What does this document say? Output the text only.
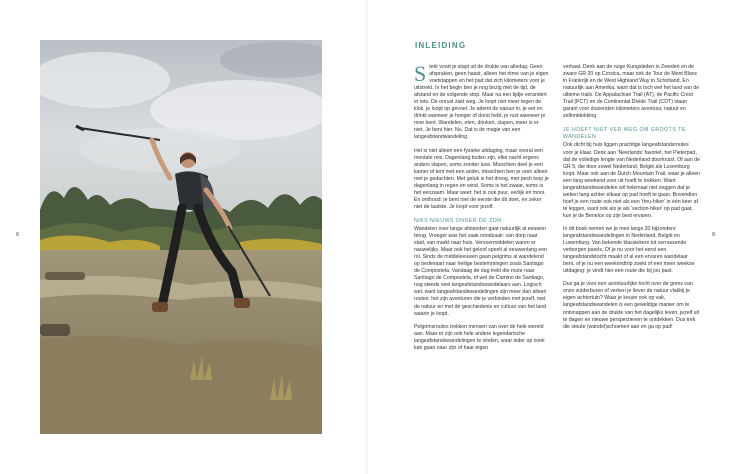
6	8
INLEIDING

Sterk voort je stapt uit de drukte van alledag. Geen afspraken, geen haast, alleen het ritme van je eigen voetstappen en het pad dat zich kilometers voor je uitstrekt. In het begin ben je nog bezig met de tijd, de afstand en de volgende stop. Maar na een tijdje verandert er iets. De onrust zakt weg. Je loopt niet meer tegen de klok, je loopt op gevoel. Je ademt de natuur in, je eet en drinkt wanneer je honger of dorst hebt, je rust wanneer je moe bent. Wandelen, eten, drinken, slapen, meer is er niet. Je bent hier. Nu. Dat is de magie van een langeafstandwandeling.

Het is niet alleen een fysieke uitdaging, maar vooral een mentale reis. Dagenlang buiten zijn, elke nacht ergens anders slapen, soms zonder luxe. Misschien deel je een kamer of tent met een ander, misschien ben je uren alleen met je gedachten. Met geluk is het droog, met pech loop je dagenlang in regen en wind. Soms is het zwaar, soms is het eenzaam. Maar weet: het is ook puur, eerlijk en mooi. En onthoud: je bent niet de eerste die dit doet, en zeker niet de laatste. Je loopt voor jezelf.

NIKS NIEUWS ONDER DE ZON

Wandelen over lange afstanden gaat natuurlijk al eeuwen terug. Vroeger was het vaak noodzaak: van dorp naar stad, van markt naar huis. Vervoermiddelen waren er nauwelijks. Maar ook het geloof speelt al eeuwenlang een rol. Sinds de middeleeuwen gaan pelgrims al wandelend op bedevaart naar heilige bestemmingen zoals Santiago de Compostela. Vandaag de dag trekt die route naar Santiago de Compostela, of wel de Camino de Santiago, nog steeds veel langeafstandswandelaars aan. Logisch wel, want langeafstandswandelingen zijn meer dan alleen routes: het zijn avonturen die je verbinden met jezelf, met de natuur en met de geschiedenis en cultuur van het land waarin je loopt.

Pelgrimsroutes trekken mensen van over de hele wereld aan. Maar er zijn ook hele andere legendarische langeafstandswandelingen te vinden, waar ieder op zoek kan gaan naar zijn of haar eigen

verhaal. Denk aan de ruige Kungsleden in Zweden en de zware GR 20 op Corsica, maar ook de Tour de Mont Blanc in Frankrijk en de West Highland Way in Schotland. En natuurlijk aan Amerika, want dat is toch wel het land van de ultieme trails. De Appalachian Trail (AT), de Pacific Crest Trail (PCT) en de Continental Divide Trail (CDT) staan garant voor duizenden kilometers avontuur, natuur en zelfontdekking.

JE HOEFT NIET VER WEG OM GROOTS TE WANDELEN

Ook dicht bij huis liggen prachtige langeafstandsroutes voor je klaar. Denk aan 'Neerlands' favoriet, het Pieterpad, dat de volledige lengte van Nederland doorkruist. Of aan de GR 5, die door zowel Nederland, België als Luxemburg loopt. Maar ook aan de Dutch Mountain Trail, waar je alleen een lang weekend voor uit hoeft te trekken. Want langeafstandswandelen wil helemaal niet zeggen dat je weken lang achter elkaar op pad hoeft te gaan. Bovendien hoef je een route ook niet als een 'thru-hiker' in één keer af te leggen, want ook als je als 'section-hiker' op pad gaat, kun je de Benelux op zijn best ervaren.

In dit boek nemen we je mee langs 20 bijzondere langeafstandswandelingen in Nederland, België en Luxemburg. Van bekende klassiekers tot verrassende verborgen parels. Of je nu voor het eerst een langeafstandstocht maakt of al een ervaren wandelaar bent, of je nu een weekendtrip zoekt of een meer weekse uitdaging: je vindt hier een route die bij jou past.

Dus ga je voor een avontuurlijke tocht over de grens van onze zuiderburen of verken je liever de natuur vlakbij je eigen achtertuin? Waar je keuze ook op valt, langeafstandswandelen is een geweldige manier om te ontsnappen aan de drukte van het dagelijks leven, jezelf uit te dagen en nieuwe perspectieven te ontdekken. Dus trek die stoute (wandel)schoenen aan en ga op pad!
